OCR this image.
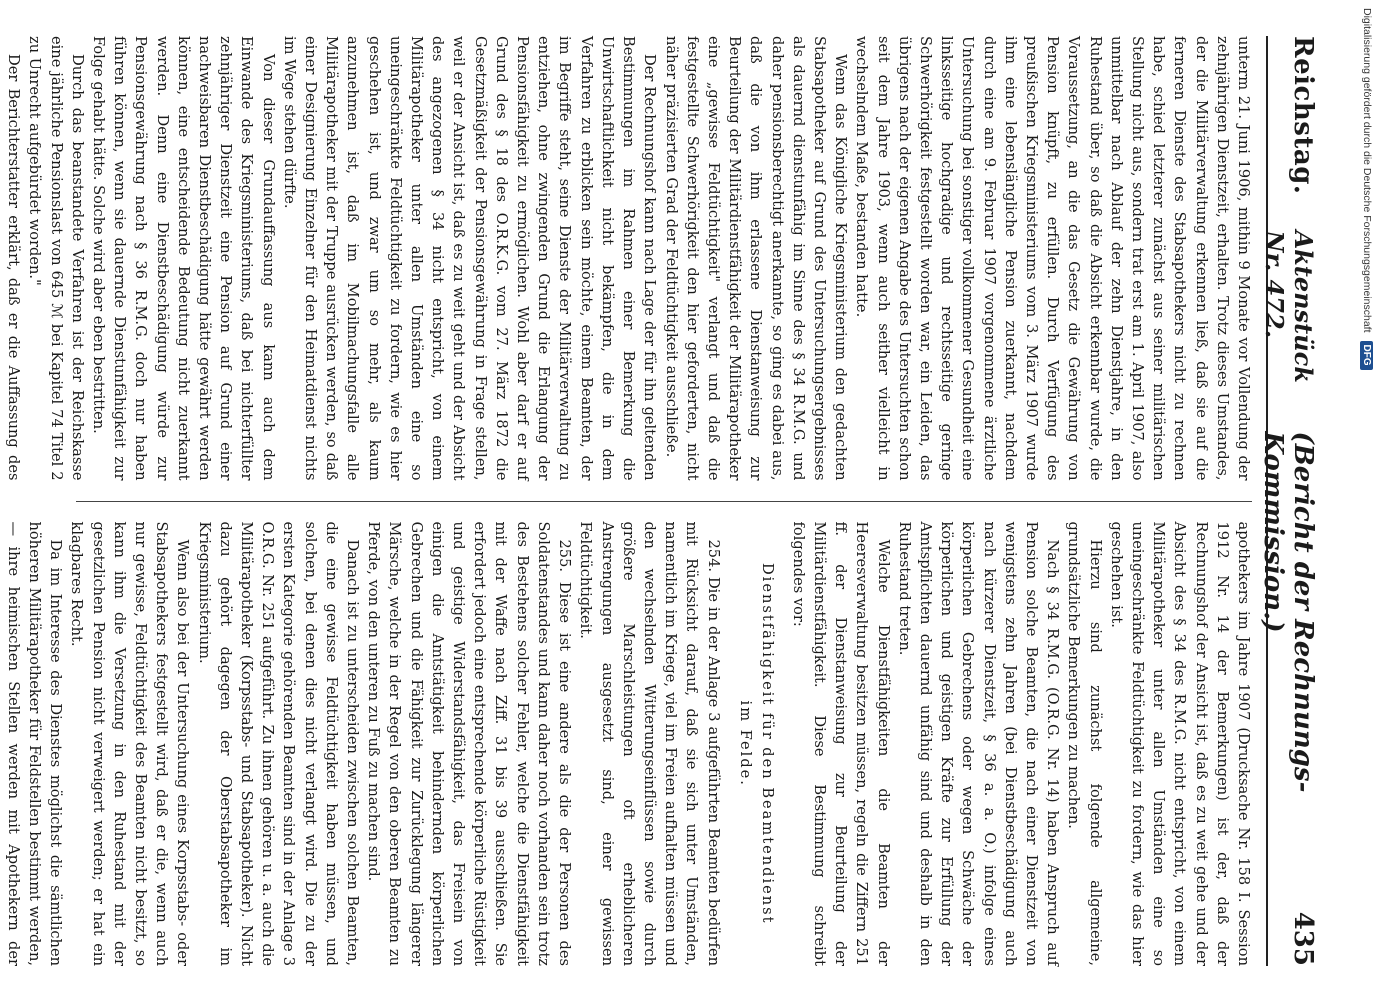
Reichstag.
Aktenstück Nr. 472.
(Bericht der Rechnungs-Kommission.)
435

unterm 21. Juni 1906, mithin 9 Monate vor Vollendung der zehnjährigen Dienstzeit, erhalten. Trotz dieses Umstandes, der die Militärverwaltung erkennen ließ, daß sie auf die ferneren Dienste des Stabsapothekers nicht zu rechnen habe, schied letzterer zunächst aus seiner militärischen Stellung nicht aus, sondern trat erst am 1. April 1907, also unmittelbar nach Ablauf der zehn Dienstjahre, in den Ruhestand über, so daß die Absicht erkennbar wurde, die Voraussetzung, an die das Gesetz die Gewährung von Pension knüpft, zu erfüllen. Durch Verfügung des preußischen Kriegsministeriums vom 3. März 1907 wurde ihm eine lebenslängliche Pension zuerkannt, nachdem durch eine am 9. Februar 1907 vorgenommene ärztliche Untersuchung bei sonstiger vollkommener Gesundheit eine linksseitige hochgradige und rechtsseitige geringe Schwerhörigkeit festgestellt worden war, ein Leiden, das übrigens nach der eigenen Angabe des Untersuchten schon seit dem Jahre 1903, wenn auch seither vielleicht in wechselndem Maße, bestanden hatte.

Wenn das Königliche Kriegsministerium den gedachten Stabsapotheker auf Grund des Untersuchungsergebnisses als dauernd dienstunfähig im Sinne des § 34 R.M.G. und daher pensionsberechtigt anerkannte, so ging es dabei aus, daß die von ihm erlassene Dienstanweisung zur Beurteilung der Militärdienstfähigkeit der Militärapotheker eine „gewisse Feldtüchtigkeit" verlangt und daß die festgestellte Schwerhörigkeit den hier geforderten, nicht näher präzisierten Grad der Feldtüchtigkeit ausschließe.

Der Rechnungshof kann nach Lage der für ihn geltenden Bestimmungen im Rahmen einer Bemerkung die Unwirtschaftlichkeit nicht bekämpfen, die in dem Verfahren zu erblicken sein möchte, einem Beamten, der im Begriffe steht, seine Dienste der Militärverwaltung zu entziehen, ohne zwingenden Grund die Erlangung der Pensionsfähigkeit zu ermöglichen. Wohl aber darf er auf Grund des § 18 des O.R.K.G. vom 27. März 1872 die Gesetzmäßigkeit der Pensionsgewährung in Frage stellen, weil er der Ansicht ist, daß es zu weit geht und der Absicht des angezogenen § 34 nicht entspricht, von einem Militärapotheker unter allen Umständen eine so uneingeschränkte Feldtüchtigkeit zu fordern, wie es hier geschehen ist, und zwar um so mehr, als kaum anzunehmen ist, daß im Mobilmachungsfalle alle Militärapotheker mit der Truppe ausrücken werden, so daß einer Designierung Einzelner für den Heimatdienst nichts im Wege stehen dürfte.

Von dieser Grundauffassung aus kann auch dem Einwande des Kriegsministeriums, daß bei nichterfüllter zehnjähriger Dienstzeit eine Pension auf Grund einer nachweisbaren Dienstbeschädigung hätte gewährt werden können, eine entscheidende Bedeutung nicht zuerkannt werden. Denn eine Dienstbeschädigung würde zur Pensionsgewährung nach § 36 R.M.G. doch nur haben führen können, wenn sie dauernde Dienstunfähigkeit zur Folge gehabt hätte. Solche wird aber eben bestritten.

Durch das beanstandete Verfahren ist der Reichskasse eine jährliche Pensionslast von 645 ℳ bei Kapitel 74 Titel 2 zu Unrecht aufgebürdet worden."

Der Berichterstatter erklärt, daß er die Auffassung des

apothekers im Jahre 1907 (Drucksache Nr. 158 I. Session 1912 Nr. 14 der Bemerkungen) ist der, daß der Rechnungshof der Ansicht ist, daß es zu weit gehe und der Absicht des § 34 des R.M.G. nicht entspricht, von einem Militärapotheker unter allen Umständen eine so uneingeschränkte Feldtüchtigkeit zu fordern, wie das hier geschehen ist.

Hierzu sind zunächst folgende allgemeine, grundsätzliche Bemerkungen zu machen.

Nach § 34 R.M.G. (O.R.G. Nr. 14) haben Anspruch auf Pension solche Beamten, die nach einer Dienstzeit von wenigstens zehn Jahren (bei Dienstbeschädigung auch nach kürzerer Dienstzeit, § 36 a. a. O.) infolge eines körperlichen Gebrechens oder wegen Schwäche der körperlichen und geistigen Kräfte zur Erfüllung der Amtspflichten dauernd unfähig sind und deshalb in den Ruhestand treten.

Welche Dienstfähigkeiten die Beamten der Heeresverwaltung besitzen müssen, regeln die Ziffern 251 ff. der Dienstanweisung zur Beurteilung der Militärdienstfähigkeit. Diese Bestimmung schreibt folgendes vor:

Dienstfähigkeit für den Beamtendienst
im Felde.

254. Die in der Anlage 3 aufgeführten Beamten bedürfen mit Rücksicht darauf, daß sie sich unter Umständen, namentlich im Kriege, viel im Freien aufhalten müssen und den wechselnden Witterungseinflüssen sowie durch größere Marschleistungen oft erheblicheren Anstrengungen ausgesetzt sind, einer gewissen Feldtüchtigkeit.

255. Diese ist eine andere als die der Personen des Soldatenstandes und kann daher noch vorhanden sein trotz des Bestehens solcher Fehler, welche die Dienstfähigkeit mit der Waffe nach Ziff. 31 bis 39 ausschließen. Sie erfordert jedoch eine entsprechende körperliche Rüstigkeit und geistige Widerstandsfähigkeit, das Freisein von einigen die Amtstätigkeit behindernden körperlichen Gebrechen und die Fähigkeit zur Zurücklegung längerer Märsche, welche in der Regel von den oberen Beamten zu Pferde, von den unteren zu Fuß zu machen sind.

Danach ist zu unterscheiden zwischen solchen Beamten, die eine gewisse Feldtüchtigkeit haben müssen, und solchen, bei denen dies nicht verlangt wird. Die zu der ersten Kategorie gehörenden Beamten sind in der Anlage 3 O.R.G. Nr. 251 aufgeführt. Zu ihnen gehören u. a. auch die Militärapotheker (Korpsstabs- und Stabsapotheker). Nicht dazu gehört dagegen der Oberstabsapotheker im Kriegsministerium.

Wenn also bei der Untersuchung eines Korpsstabs- oder Stabsapothekers festgestellt wird, daß er die, wenn auch nur gewisse, Feldtüchtigkeit des Beamten nicht besitzt, so kann ihm die Versetzung in den Ruhestand mit der gesetzlichen Pension nicht verweigert werden; er hat ein klagbares Recht.

Da im Interesse des Dienstes möglichst die sämtlichen höheren Militärapotheker für Feldstellen bestimmt werden, — ihre heimischen Stellen werden mit Apothekern der

Digitalisierung gefördert durch die Deutsche Forschungsgemeinschaft
DFG
